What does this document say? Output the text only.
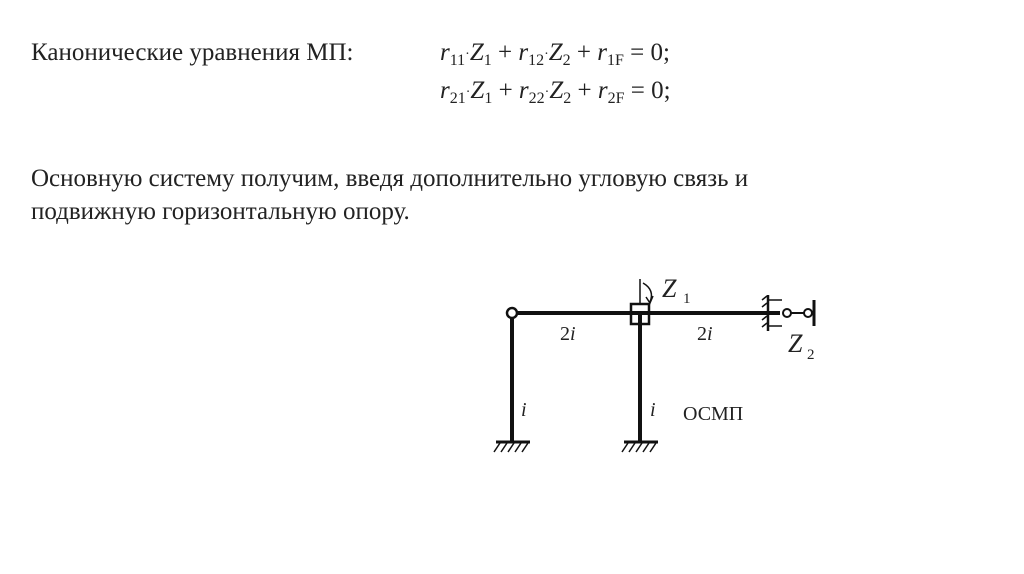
Канонические уравнения МП:	$r_{11}\cdot Z_1 + r_{12}\cdot Z_2 + r_{1F} = 0$;
$r_{21}\cdot Z_1 + r_{22}\cdot Z_2 + r_{2F} = 0$;
Основную систему получим, введя дополнительно угловую связь и
подвижную горизонтальную опору.
Z 1
2i	2i
i	i ОСМП
Z 2
